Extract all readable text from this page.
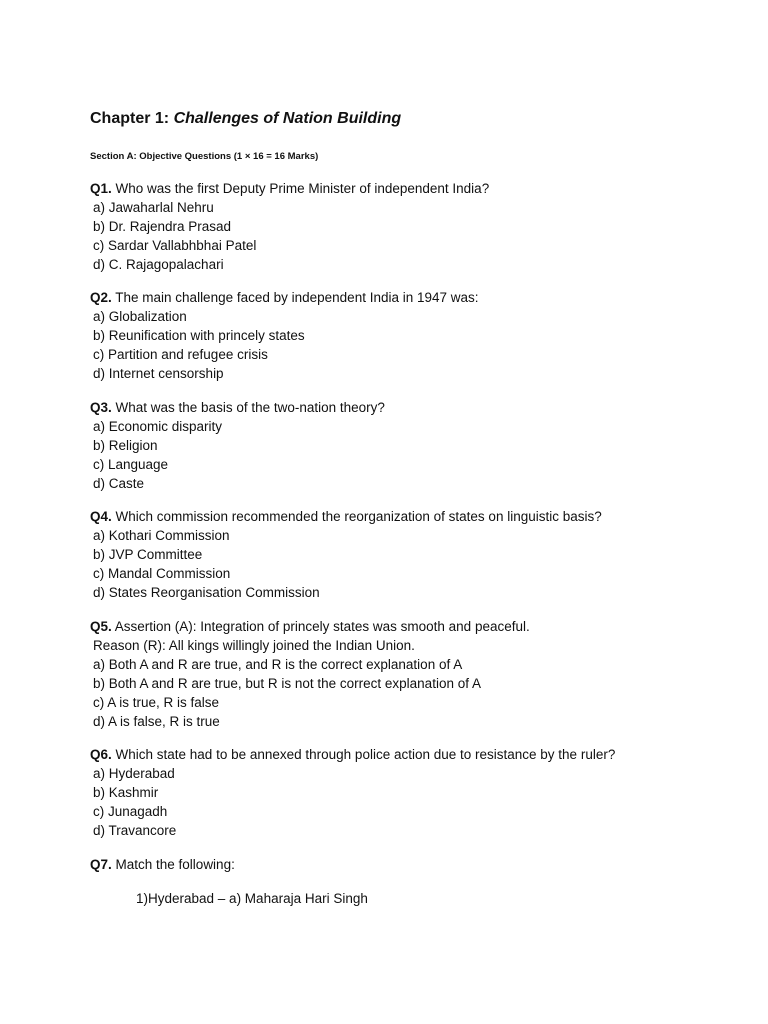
Chapter 1: Challenges of Nation Building
Section A: Objective Questions (1 × 16 = 16 Marks)
Q1. Who was the first Deputy Prime Minister of independent India?
a) Jawaharlal Nehru
b) Dr. Rajendra Prasad
c) Sardar Vallabhbhai Patel
d) C. Rajagopalachari
Q2. The main challenge faced by independent India in 1947 was:
a) Globalization
b) Reunification with princely states
c) Partition and refugee crisis
d) Internet censorship
Q3. What was the basis of the two-nation theory?
a) Economic disparity
b) Religion
c) Language
d) Caste
Q4. Which commission recommended the reorganization of states on linguistic basis?
a) Kothari Commission
b) JVP Committee
c) Mandal Commission
d) States Reorganisation Commission
Q5. Assertion (A): Integration of princely states was smooth and peaceful.
Reason (R): All kings willingly joined the Indian Union.
a) Both A and R are true, and R is the correct explanation of A
b) Both A and R are true, but R is not the correct explanation of A
c) A is true, R is false
d) A is false, R is true
Q6. Which state had to be annexed through police action due to resistance by the ruler?
a) Hyderabad
b) Kashmir
c) Junagadh
d) Travancore
Q7. Match the following:
1)Hyderabad – a) Maharaja Hari Singh
